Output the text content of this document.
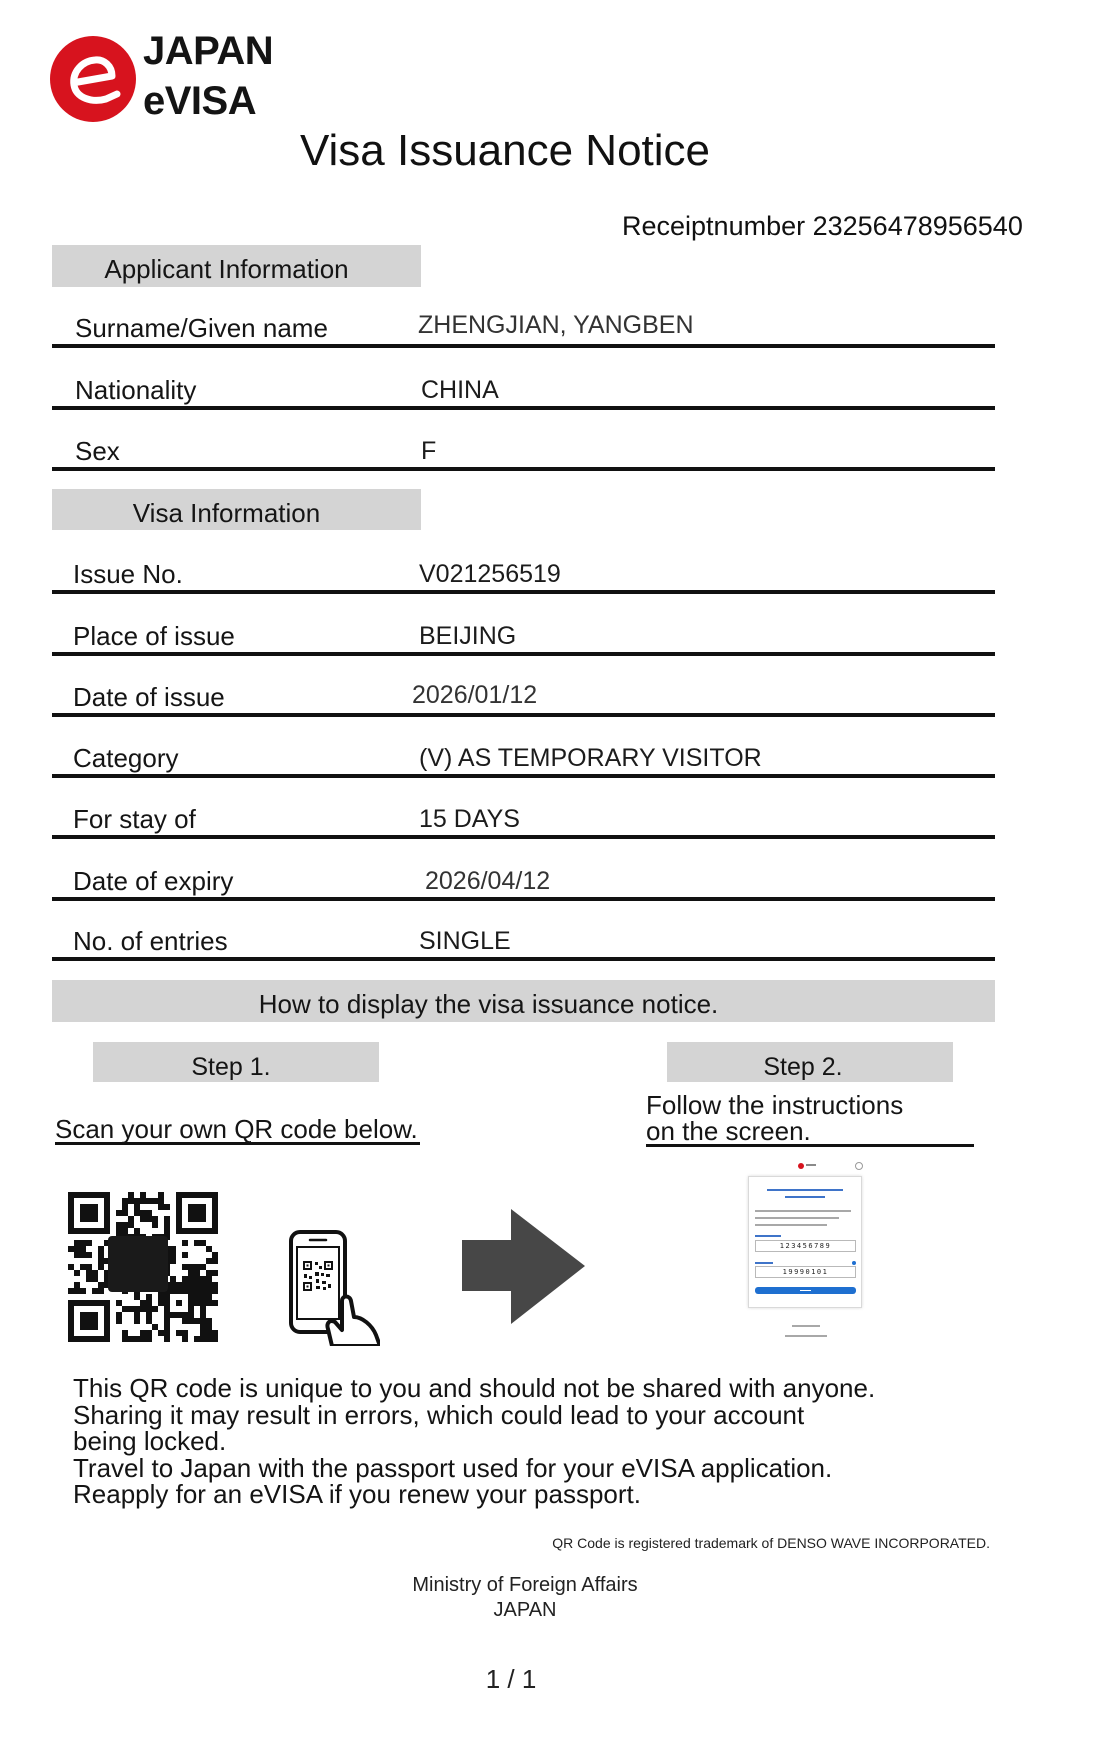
JAPAN
eVISA
Visa Issuance Notice
Receiptnumber 23256478956540
Applicant Information
Surname/Given name	ZHENGJIAN, YANGBEN
Nationality	CHINA
Sex	F
Visa Information
Issue No.	V021256519
Place of issue	BEIJING
Date of issue	2026/01/12
Category	(V) AS TEMPORARY VISITOR
For stay of	15 DAYS
Date of expiry	2026/04/12
No. of entries	SINGLE
How to display the visa issuance notice.
Step 1.	Step 2.
Scan your own QR code below.
Follow the instructions
on the screen.
123456789
19990101
This QR code is unique to you and should not be shared with anyone.
Sharing it may result in errors, which could lead to your account
being locked.
Travel to Japan with the passport used for your eVISA application.
Reapply for an eVISA if you renew your passport.
QR Code is registered trademark of DENSO WAVE INCORPORATED.
Ministry of Foreign Affairs
JAPAN
1 / 1
